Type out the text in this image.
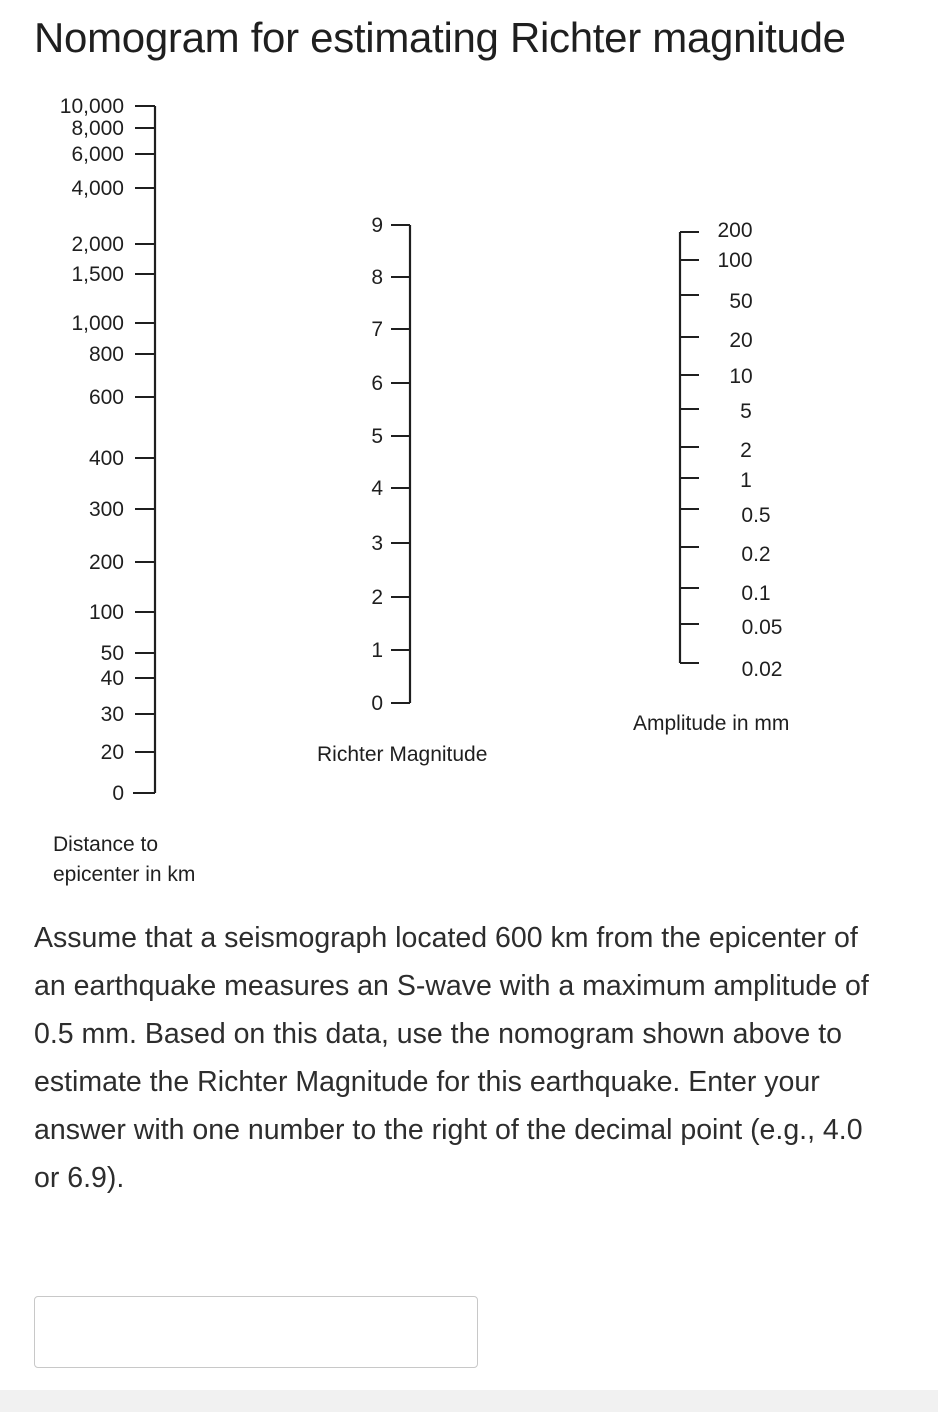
Nomogram for estimating Richter magnitude
10,000
8,000
6,000
4,000
2,000
1,500
1,000
800
600
400
300
200
100
50
40
30
20
0
9
8
7
6
5
4
3
2
1
0
200
100
50
20
10
5
2
1
0.5
0.2
0.1
0.05
0.02
Distance to
epicenter in km
Richter Magnitude
Amplitude in mm

Assume that a seismograph located 600 km from the epicenter of an earthquake measures an S-wave with a maximum amplitude of 0.5 mm. Based on this data, use the nomogram shown above to estimate the Richter Magnitude for this earthquake. Enter your answer with one number to the right of the decimal point (e.g., 4.0 or 6.9).
